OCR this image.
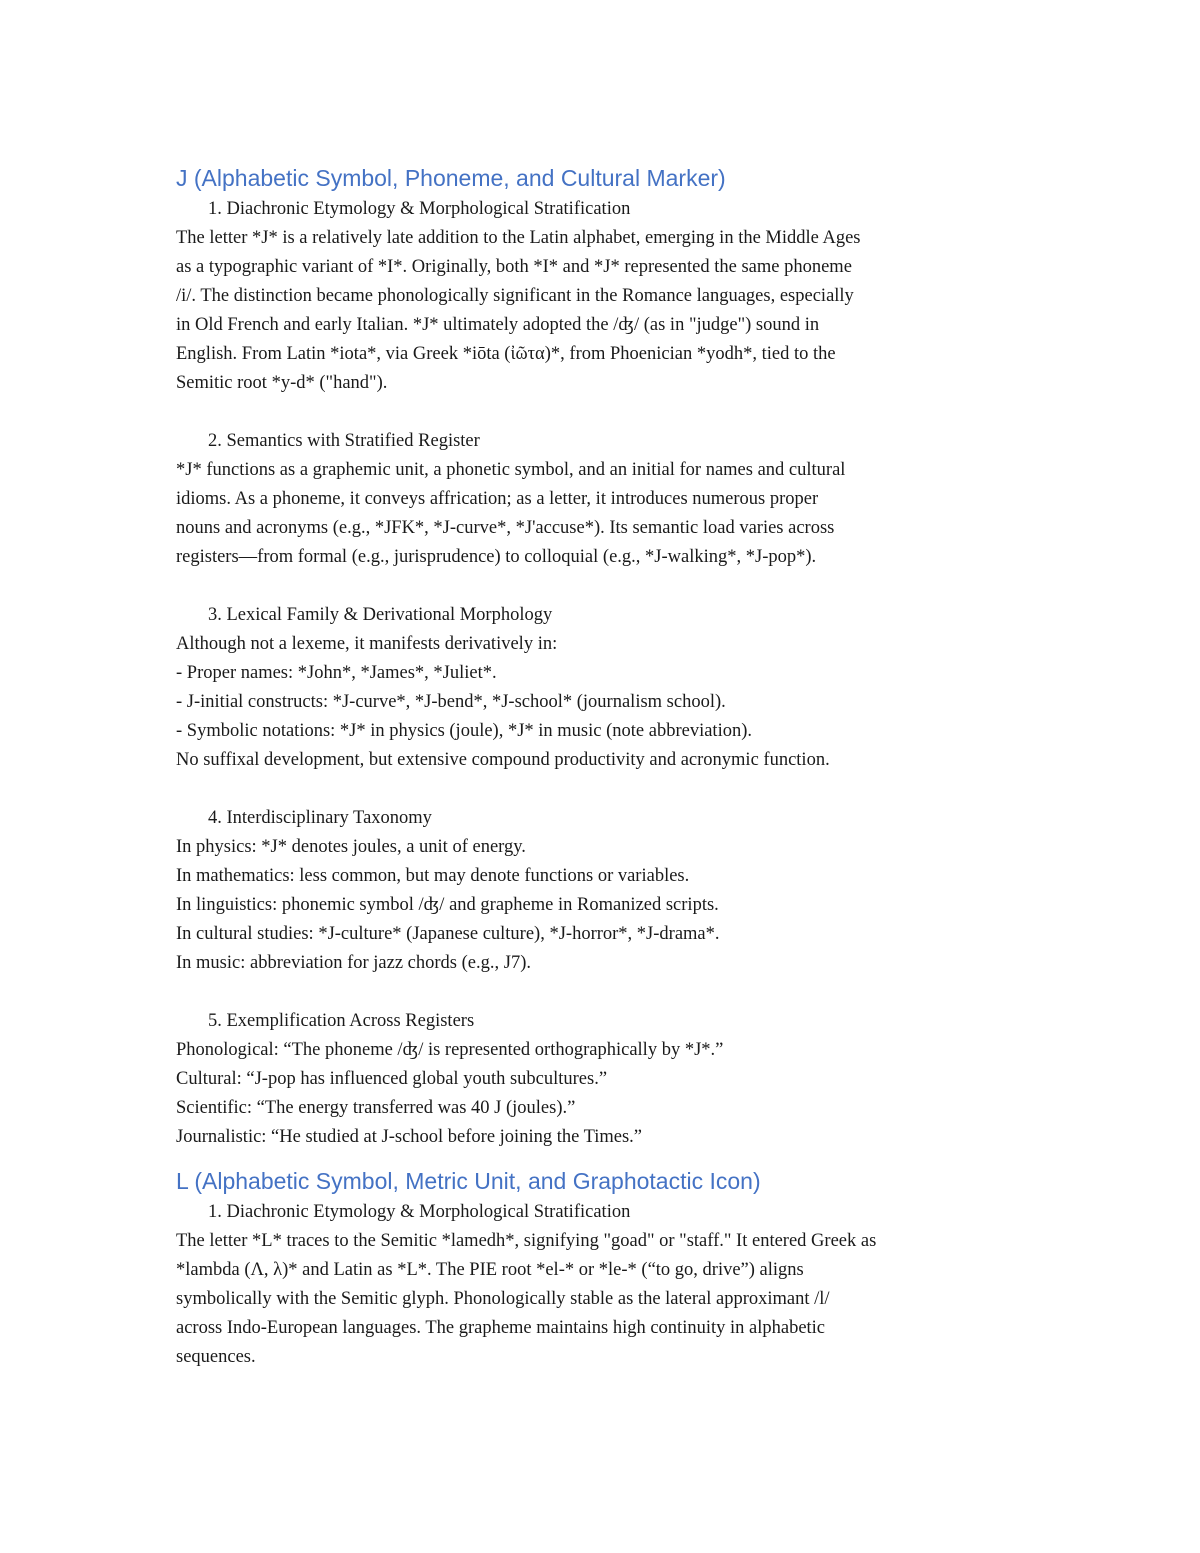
J (Alphabetic Symbol, Phoneme, and Cultural Marker)

1. Diachronic Etymology & Morphological Stratification

The letter *J* is a relatively late addition to the Latin alphabet, emerging in the Middle Ages

as a typographic variant of *I*. Originally, both *I* and *J* represented the same phoneme

/i/. The distinction became phonologically significant in the Romance languages, especially

in Old French and early Italian. *J* ultimately adopted the /ʤ/ (as in "judge") sound in

English. From Latin *iota*, via Greek *iōta (ἰῶτα)*, from Phoenician *yodh*, tied to the

Semitic root *y-d* ("hand").

2. Semantics with Stratified Register

*J* functions as a graphemic unit, a phonetic symbol, and an initial for names and cultural

idioms. As a phoneme, it conveys affrication; as a letter, it introduces numerous proper

nouns and acronyms (e.g., *JFK*, *J-curve*, *J'accuse*). Its semantic load varies across

registers—from formal (e.g., jurisprudence) to colloquial (e.g., *J-walking*, *J-pop*).

3. Lexical Family & Derivational Morphology

Although not a lexeme, it manifests derivatively in:

- Proper names: *John*, *James*, *Juliet*.

- J-initial constructs: *J-curve*, *J-bend*, *J-school* (journalism school).

- Symbolic notations: *J* in physics (joule), *J* in music (note abbreviation).

No suffixal development, but extensive compound productivity and acronymic function.

4. Interdisciplinary Taxonomy

In physics: *J* denotes joules, a unit of energy.

In mathematics: less common, but may denote functions or variables.

In linguistics: phonemic symbol /ʤ/ and grapheme in Romanized scripts.

In cultural studies: *J-culture* (Japanese culture), *J-horror*, *J-drama*.

In music: abbreviation for jazz chords (e.g., J7).

5. Exemplification Across Registers

Phonological: “The phoneme /ʤ/ is represented orthographically by *J*.”

Cultural: “J-pop has influenced global youth subcultures.”

Scientific: “The energy transferred was 40 J (joules).”

Journalistic: “He studied at J-school before joining the Times.”

L (Alphabetic Symbol, Metric Unit, and Graphotactic Icon)

1. Diachronic Etymology & Morphological Stratification

The letter *L* traces to the Semitic *lamedh*, signifying "goad" or "staff." It entered Greek as

*lambda (Λ, λ)* and Latin as *L*. The PIE root *el-* or *le-* (“to go, drive”) aligns

symbolically with the Semitic glyph. Phonologically stable as the lateral approximant /l/

across Indo-European languages. The grapheme maintains high continuity in alphabetic

sequences.
